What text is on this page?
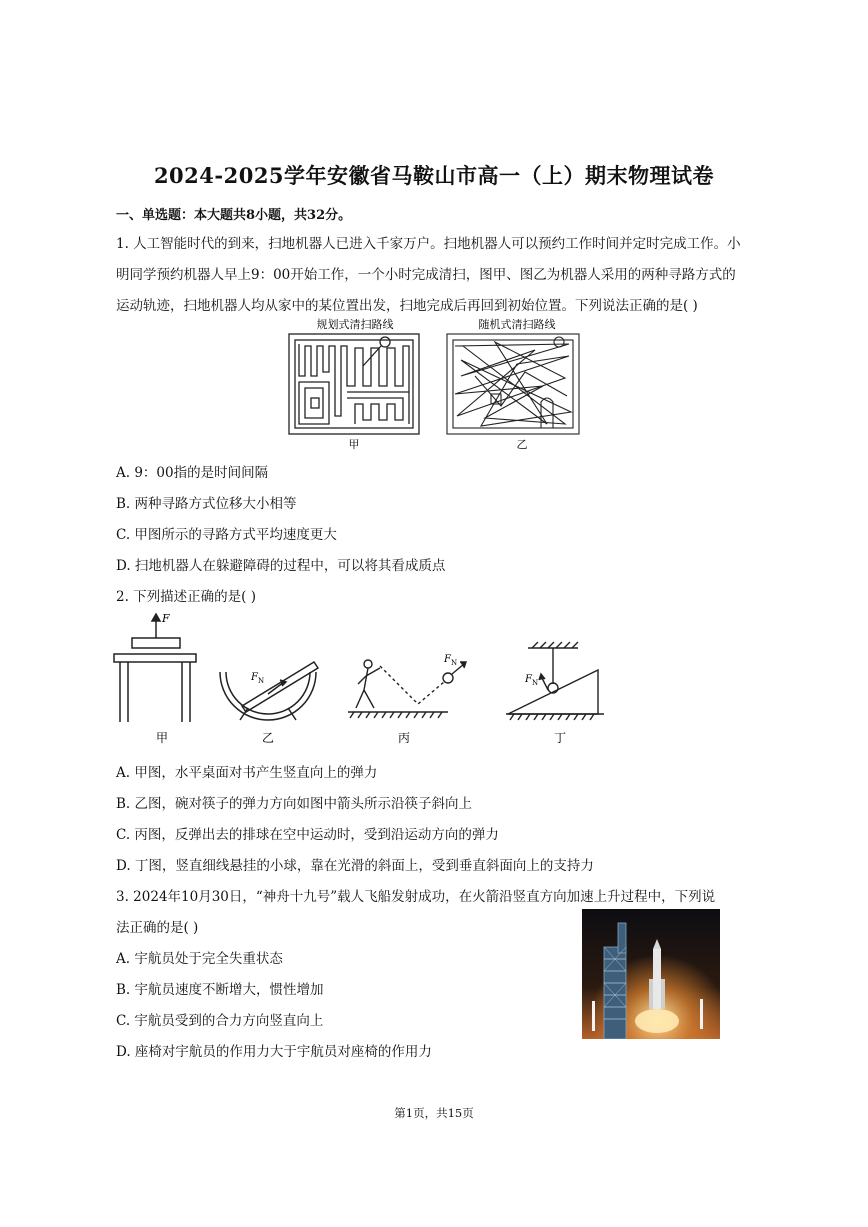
2024-2025学年安徽省马鞍山市高一（上）期末物理试卷
一、单选题：本大题共8小题，共32分。
1. 人工智能时代的到来，扫地机器人已进入千家万户。扫地机器人可以预约工作时间并定时完成工作。小
明同学预约机器人早上9：00开始工作，一个小时完成清扫，图甲、图乙为机器人采用的两种寻路方式的
运动轨迹，扫地机器人均从家中的某位置出发，扫地完成后再回到初始位置。下列说法正确的是( )
规划式清扫路线	随机式清扫路线
甲	乙
A. 9：00指的是时间间隔
B. 两种寻路方式位移大小相等
C. 甲图所示的寻路方式平均速度更大
D. 扫地机器人在躲避障碍的过程中，可以将其看成质点
2. 下列描述正确的是( )
F
$F_N$
$F_N$
$F_N$
甲	乙	丙	丁
A. 甲图，水平桌面对书产生竖直向上的弹力
B. 乙图，碗对筷子的弹力方向如图中箭头所示沿筷子斜向上
C. 丙图，反弹出去的排球在空中运动时，受到沿运动方向的弹力
D. 丁图，竖直细线悬挂的小球，靠在光滑的斜面上，受到垂直斜面向上的支持力
3. 2024年10月30日，“神舟十九号”载人飞船发射成功，在火箭沿竖直方向加速上升过程中，下列说
法正确的是( )
A. 宇航员处于完全失重状态
B. 宇航员速度不断增大，惯性增加
C. 宇航员受到的合力方向竖直向上
D. 座椅对宇航员的作用力大于宇航员对座椅的作用力
第1页，共15页
